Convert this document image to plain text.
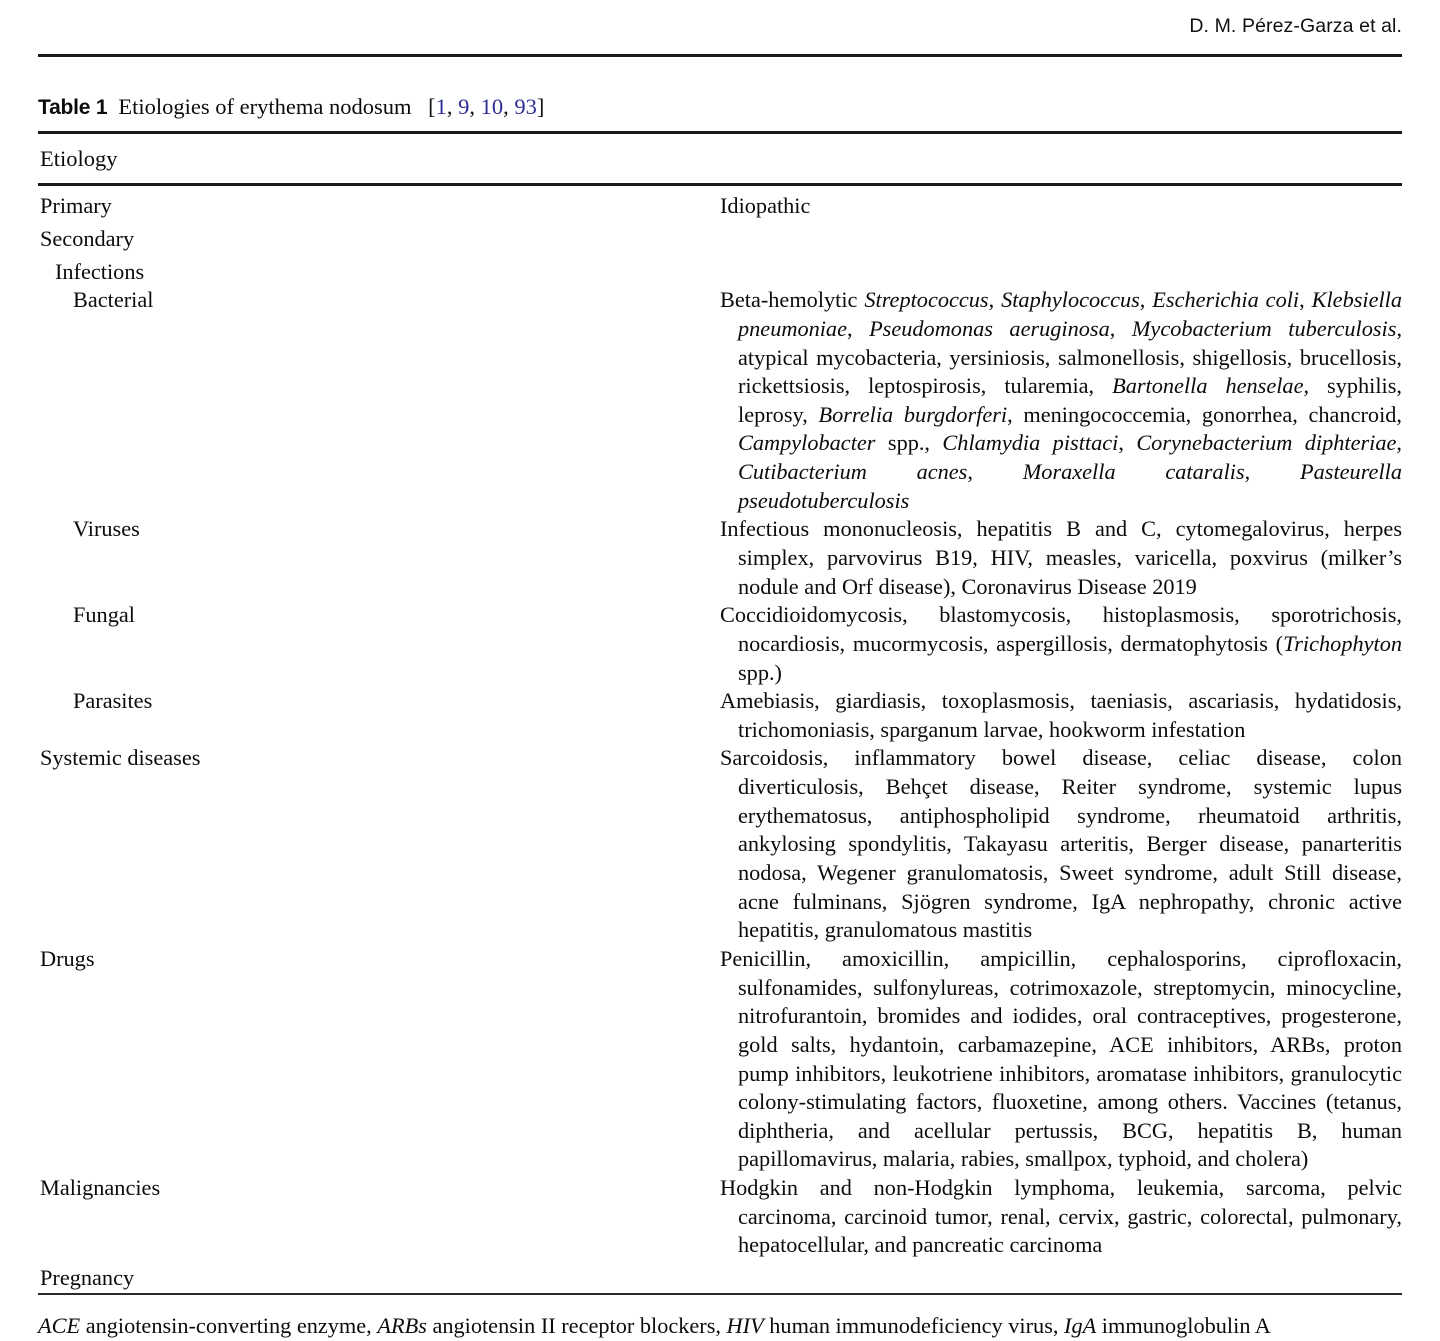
D. M. Pérez-Garza et al.
Table 1 Etiologies of erythema nodosum [1, 9, 10, 93]
Etiology

Primary	Idiopathic

Secondary	

Infections	

Bacterial	Beta-hemolytic Streptococcus, Staphylococcus, Escherichia coli, Klebsiella pneumoniae, Pseudomonas aeruginosa, Mycobacterium tuberculosis, atypical mycobacteria, yersiniosis, salmonellosis, shigellosis, brucellosis, rickettsiosis, leptospirosis, tularemia, Bartonella henselae, syphilis, leprosy, Borrelia burgdorferi, meningococcemia, gonorrhea, chancroid, Campylobacter spp., Chlamydia pisttaci, Corynebacterium diphteriae, Cutibacterium acnes, Moraxella cataralis, Pasteurella pseudotuberculosis

Viruses	Infectious mononucleosis, hepatitis B and C, cytomegalovirus, herpes simplex, parvovirus B19, HIV, measles, varicella, poxvirus (milker’s nodule and Orf disease), Coronavirus Disease 2019

Fungal	Coccidioidomycosis, blastomycosis, histoplasmosis, sporotrichosis, nocardiosis, mucormycosis, aspergillosis, dermatophytosis (Trichophyton spp.)

Parasites	Amebiasis, giardiasis, toxoplasmosis, taeniasis, ascariasis, hydatidosis, trichomoniasis, sparganum larvae, hookworm infestation

Systemic diseases	Sarcoidosis, inflammatory bowel disease, celiac disease, colon diverticulosis, Behçet disease, Reiter syndrome, systemic lupus erythematosus, antiphospholipid syndrome, rheumatoid arthritis, ankylosing spondylitis, Takayasu arteritis, Berger disease, panarteritis nodosa, Wegener granulomatosis, Sweet syndrome, adult Still disease, acne fulminans, Sjögren syndrome, IgA nephropathy, chronic active hepatitis, granulomatous mastitis

Drugs	Penicillin, amoxicillin, ampicillin, cephalosporins, ciprofloxacin, sulfonamides, sulfonylureas, cotrimoxazole, streptomycin, minocycline, nitrofurantoin, bromides and iodides, oral contraceptives, progesterone, gold salts, hydantoin, carbamazepine, ACE inhibitors, ARBs, proton pump inhibitors, leukotriene inhibitors, aromatase inhibitors, granulocytic colony-stimulating factors, fluoxetine, among others. Vaccines (tetanus, diphtheria, and acellular pertussis, BCG, hepatitis B, human papillomavirus, malaria, rabies, smallpox, typhoid, and cholera)

Malignancies	Hodgkin and non-Hodgkin lymphoma, leukemia, sarcoma, pelvic carcinoma, carcinoid tumor, renal, cervix, gastric, colorectal, pulmonary, hepatocellular, and pancreatic carcinoma

Pregnancy	
ACE angiotensin-converting enzyme, ARBs angiotensin II receptor blockers, HIV human immunodeficiency virus, IgA immunoglobulin A
